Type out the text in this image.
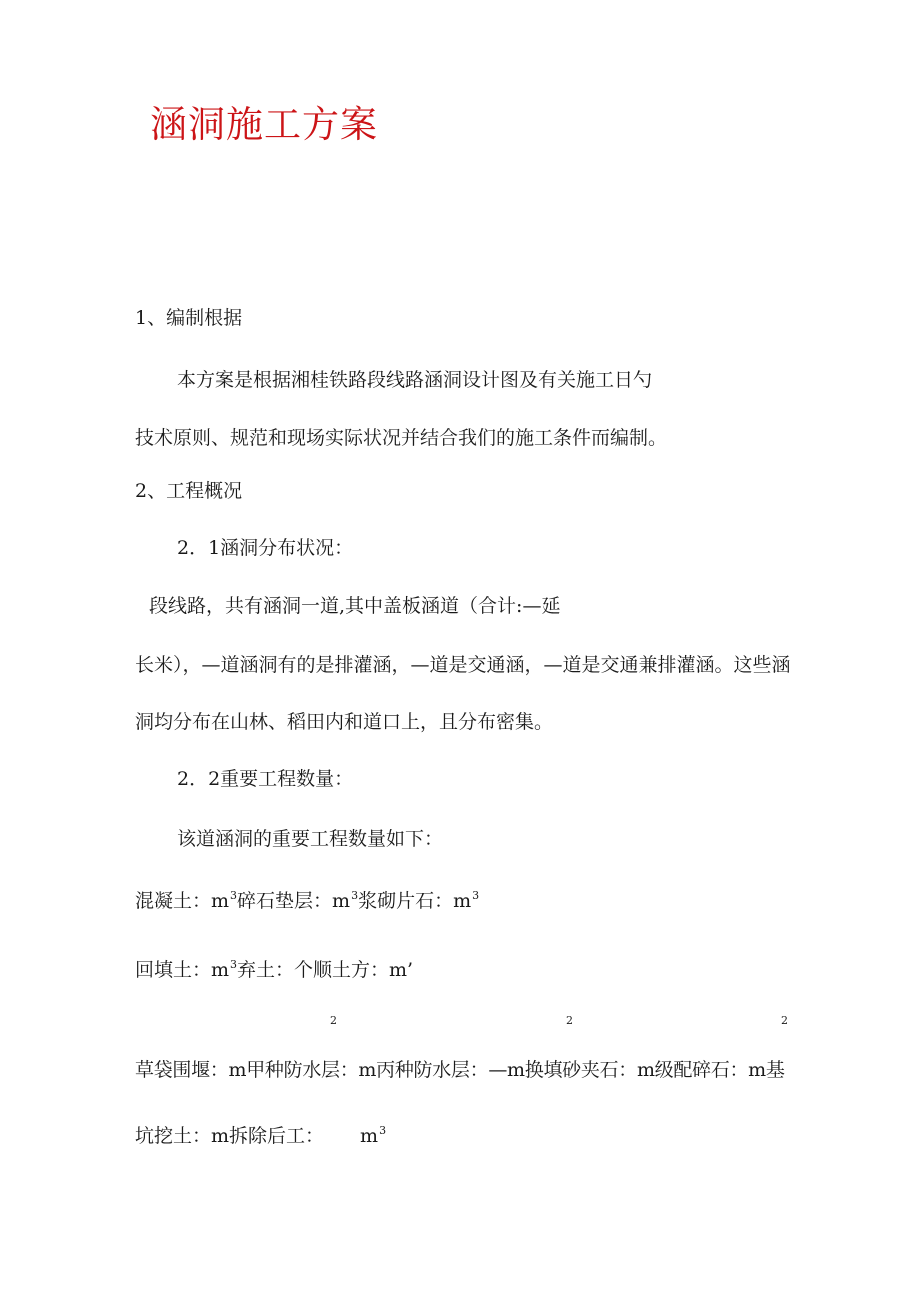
涵洞施工方案
1、编制根据
本方案是根据湘桂铁路段线路涵洞设计图及有关施工日勺
技术原则、规范和现场实际状况并结合我们的施工条件而编制。
2、工程概况
2．1涵洞分布状况：
段线路，共有涵洞一道,其中盖板涵道（合计:—延
长米），—道涵洞有的是排灌涵，—道是交通涵，—道是交通兼排灌涵。这些涵
洞均分布在山林、稻田内和道口上，且分布密集。
2．2重要工程数量：
该道涵洞的重要工程数量如下：
混凝土：$m^3$碎石垫层：$m^3$浆砌片石：$m^3$
回填土：$m^3$弃土：个顺土方：m’
2	2	2
草袋围堰：m甲种防水层：m丙种防水层：—m换填砂夹石：m级配碎石：m基
坑挖土：m拆除后工： $m^3$
